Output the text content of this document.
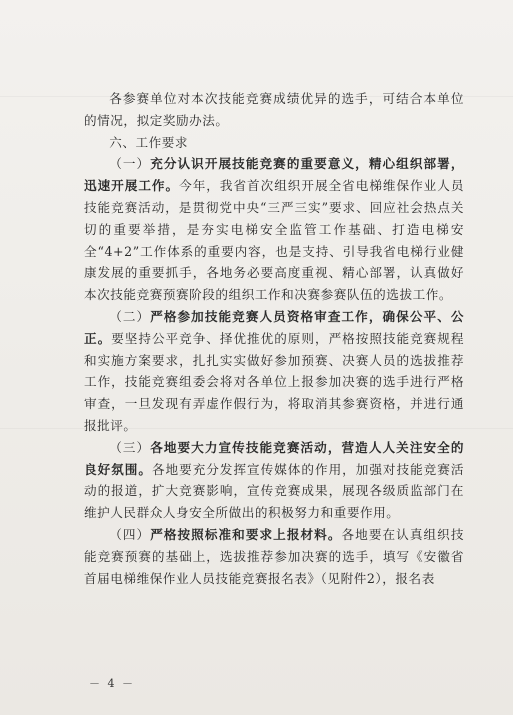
各参赛单位对本次技能竞赛成绩优异的选手，可结合本单位的情况，拟定奖励办法。

六、工作要求

（一）充分认识开展技能竞赛的重要意义，精心组织部署，迅速开展工作。今年，我省首次组织开展全省电梯维保作业人员技能竞赛活动，是贯彻党中央“三严三实”要求、回应社会热点关切的重要举措，是夯实电梯安全监管工作基础、打造电梯安全“4+2”工作体系的重要内容，也是支持、引导我省电梯行业健康发展的重要抓手，各地务必要高度重视、精心部署，认真做好本次技能竞赛预赛阶段的组织工作和决赛参赛队伍的选拔工作。

（二）严格参加技能竞赛人员资格审查工作，确保公平、公正。要坚持公平竞争、择优推优的原则，严格按照技能竞赛规程和实施方案要求，扎扎实实做好参加预赛、决赛人员的选拔推荐工作，技能竞赛组委会将对各单位上报参加决赛的选手进行严格审查，一旦发现有弄虚作假行为，将取消其参赛资格，并进行通报批评。

（三）各地要大力宣传技能竞赛活动，营造人人关注安全的良好氛围。各地要充分发挥宣传媒体的作用，加强对技能竞赛活动的报道，扩大竞赛影响，宣传竞赛成果，展现各级质监部门在维护人民群众人身安全所做出的积极努力和重要作用。

（四）严格按照标准和要求上报材料。各地要在认真组织技能竞赛预赛的基础上，选拔推荐参加决赛的选手，填写《安徽省首届电梯维保作业人员技能竞赛报名表》（见附件2），报名表

－ 4 －
